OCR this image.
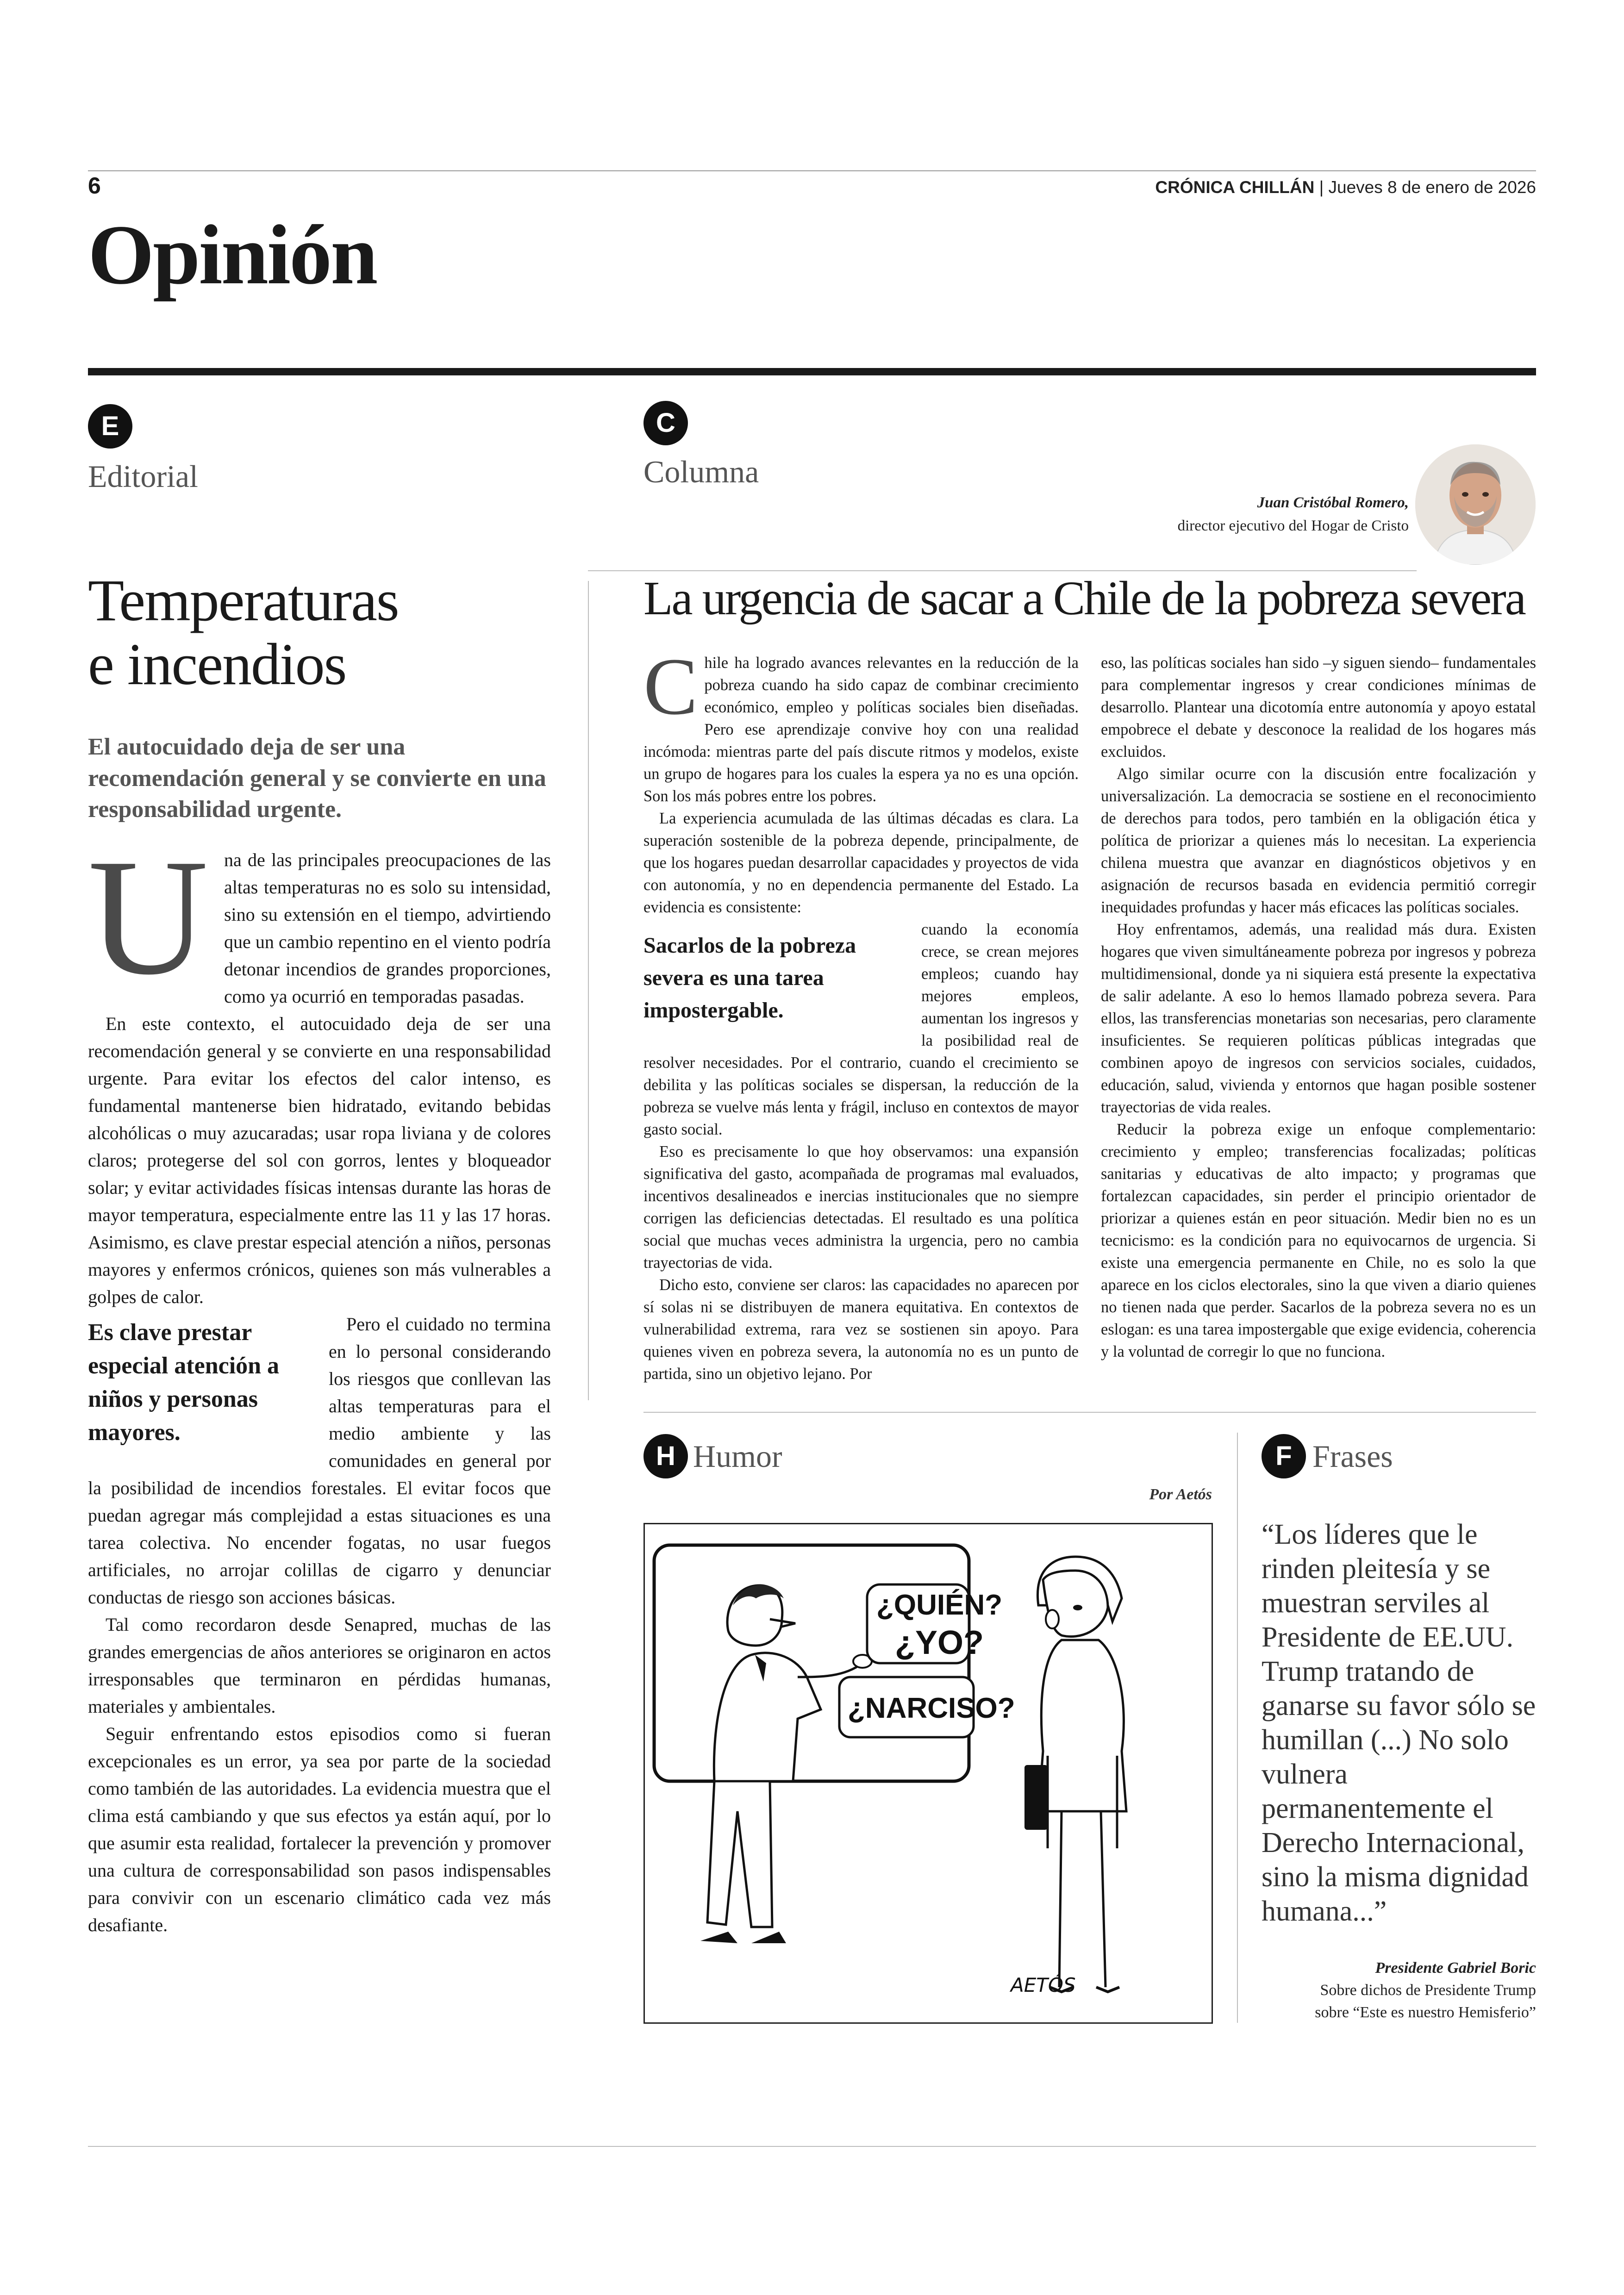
6	CRÓNICA CHILLÁN | Jueves 8 de enero de 2026
Opinión
E
Editorial
C
Columna
Juan Cristóbal Romero,
director ejecutivo del Hogar de Cristo
Temperaturas
e incendios
El autocuidado deja de ser una recomendación general y se convierte en una responsabilidad urgente.

Una de las principales preocupaciones de las altas temperaturas no es solo su intensidad, sino su extensión en el tiempo, advirtiendo que un cambio repentino en el viento podría detonar incendios de grandes proporciones, como ya ocurrió en temporadas pasadas.

En este contexto, el autocuidado deja de ser una recomendación general y se convierte en una responsabilidad urgente. Para evitar los efectos del calor intenso, es fundamental mantenerse bien hidratado, evitando bebidas alcohólicas o muy azucaradas; usar ropa liviana y de colores claros; protegerse del sol con gorros, lentes y bloqueador solar; y evitar actividades físicas intensas durante las horas de mayor temperatura, especialmente entre las 11 y las 17 horas. Asimismo, es clave prestar especial atención a niños, personas mayores y enfermos crónicos, quienes son más vulnerables a golpes de calor.

Es clave prestar especial atención a niños y personas mayores.

Pero el cuidado no termina en lo personal considerando los riesgos que conllevan las altas temperaturas para el medio ambiente y las comunidades en general por la posibilidad de incendios forestales. El evitar focos que puedan agregar más complejidad a estas situaciones es una tarea colectiva. No encender fogatas, no usar fuegos artificiales, no arrojar colillas de cigarro y denunciar conductas de riesgo son acciones básicas.

Tal como recordaron desde Senapred, muchas de las grandes emergencias de años anteriores se originaron en actos irresponsables que terminaron en pérdidas humanas, materiales y ambientales.

Seguir enfrentando estos episodios como si fueran excepcionales es un error, ya sea por parte de la sociedad como también de las autoridades. La evidencia muestra que el clima está cambiando y que sus efectos ya están aquí, por lo que asumir esta realidad, fortalecer la prevención y promover una cultura de corresponsabilidad son pasos indispensables para convivir con un escenario climático cada vez más desafiante.

La urgencia de sacar a Chile de la pobreza severa

Chile ha logrado avances relevantes en la reducción de la pobreza cuando ha sido capaz de combinar crecimiento económico, empleo y políticas sociales bien diseñadas. Pero ese aprendizaje convive hoy con una realidad incómoda: mientras parte del país discute ritmos y modelos, existe un grupo de hogares para los cuales la espera ya no es una opción. Son los más pobres entre los pobres.

La experiencia acumulada de las últimas décadas es clara. La superación sostenible de la pobreza depende, principalmente, de que los hogares puedan desarrollar capacidades y proyectos de vida con autonomía, y no en dependencia permanente del Estado. La evidencia es consistente:

Sacarlos de la pobreza severa es una tarea impostergable.

cuando la economía crece, se crean mejores empleos; cuando hay mejores empleos, aumentan los ingresos y la posibilidad real de resolver necesidades. Por el contrario, cuando el crecimiento se debilita y las políticas sociales se dispersan, la reducción de la pobreza se vuelve más lenta y frágil, incluso en contextos de mayor gasto social.

Eso es precisamente lo que hoy observamos: una expansión significativa del gasto, acompañada de programas mal evaluados, incentivos desalineados e inercias institucionales que no siempre corrigen las deficiencias detectadas. El resultado es una política social que muchas veces administra la urgencia, pero no cambia trayectorias de vida.

Dicho esto, conviene ser claros: las capacidades no aparecen por sí solas ni se distribuyen de manera equitativa. En contextos de vulnerabilidad extrema, rara vez se sostienen sin apoyo. Para quienes viven en pobreza severa, la autonomía no es un punto de partida, sino un objetivo lejano. Por

eso, las políticas sociales han sido –y siguen siendo– fundamentales para complementar ingresos y crear condiciones mínimas de desarrollo. Plantear una dicotomía entre autonomía y apoyo estatal empobrece el debate y desconoce la realidad de los hogares más excluidos.

Algo similar ocurre con la discusión entre focalización y universalización. La democracia se sostiene en el reconocimiento de derechos para todos, pero también en la obligación ética y política de priorizar a quienes más lo necesitan. La experiencia chilena muestra que avanzar en diagnósticos objetivos y en asignación de recursos basada en evidencia permitió corregir inequidades profundas y hacer más eficaces las políticas sociales.

Hoy enfrentamos, además, una realidad más dura. Existen hogares que viven simultáneamente pobreza por ingresos y pobreza multidimensional, donde ya ni siquiera está presente la expectativa de salir adelante. A eso lo hemos llamado pobreza severa. Para ellos, las transferencias monetarias son necesarias, pero claramente insuficientes. Se requieren políticas públicas integradas que combinen apoyo de ingresos con servicios sociales, cuidados, educación, salud, vivienda y entornos que hagan posible sostener trayectorias de vida reales.

Reducir la pobreza exige un enfoque complementario: crecimiento y empleo; transferencias focalizadas; políticas sanitarias y educativas de alto impacto; y programas que fortalezcan capacidades, sin perder el principio orientador de priorizar a quienes están en peor situación. Medir bien no es un tecnicismo: es la condición para no equivocarnos de urgencia. Si existe una emergencia permanente en Chile, no es solo la que aparece en los ciclos electorales, sino la que viven a diario quienes no tienen nada que perder. Sacarlos de la pobreza severa no es un eslogan: es una tarea impostergable que exige evidencia, coherencia y la voluntad de corregir lo que no funciona.

H Humor
Por Aetós
¿QUIÉN?
¿YO?
¿NARCISO?
AETÓS
F Frases
“Los líderes que le rinden pleitesía y se muestran serviles al Presidente de EE.UU. Trump tratando de ganarse su favor sólo se humillan (...) No solo vulnera permanentemente el Derecho Internacional, sino la misma dignidad humana...”
Presidente Gabriel Boric
Sobre dichos de Presidente Trump
sobre “Este es nuestro Hemisferio”
